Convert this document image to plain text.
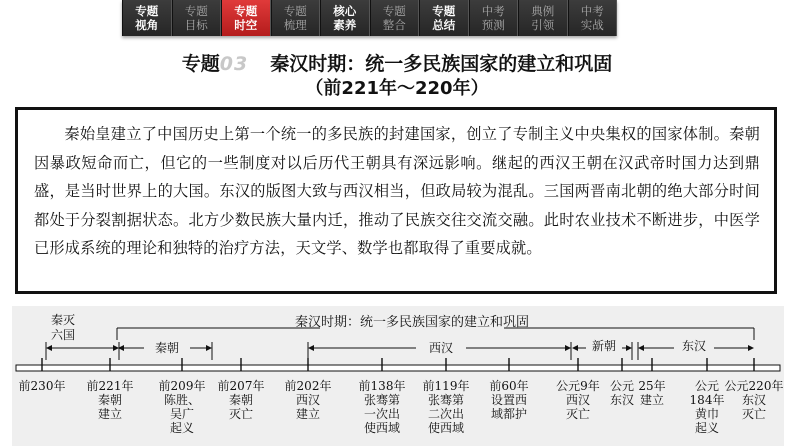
专题
视角
专题
目标
专题
时空
专题
梳理
核心
素养
专题
整合
专题
总结
中考
预测
典例
引领
中考
实战
专题03 秦汉时期：统一多民族国家的建立和巩固
（前221年～220年）

秦始皇建立了中国历史上第一个统一的多民族的封建国家，创立了专制主义中央集权的国家体制。秦朝因暴政短命而亡，但它的一些制度对以后历代王朝具有深远影响。继起的西汉王朝在汉武帝时国力达到鼎盛，是当时世界上的大国。东汉的版图大致与西汉相当，但政局较为混乱。三国两晋南北朝的绝大部分时间都处于分裂割据状态。北方少数民族大量内迁，推动了民族交往交流交融。此时农业技术不断进步，中医学已形成系统的理论和独特的治疗方法，天文学、数学也都取得了重要成就。

秦汉时期：统一多民族国家的建立和巩固
秦灭
六国
秦朝	西汉	新朝	东汉
前230年 前221年
秦朝
建立
前209年
陈胜、
吴广
起义
前207年
秦朝
灭亡
前202年
西汉
建立
前138年
张骞第
一次出
使西域
前119年
张骞第
二次出
使西域
前60年
设置西
域都护
公元9年
西汉
灭亡
公元
东汉
25年
建立
公元
184年
黄巾
起义
公元220年
东汉
灭亡
